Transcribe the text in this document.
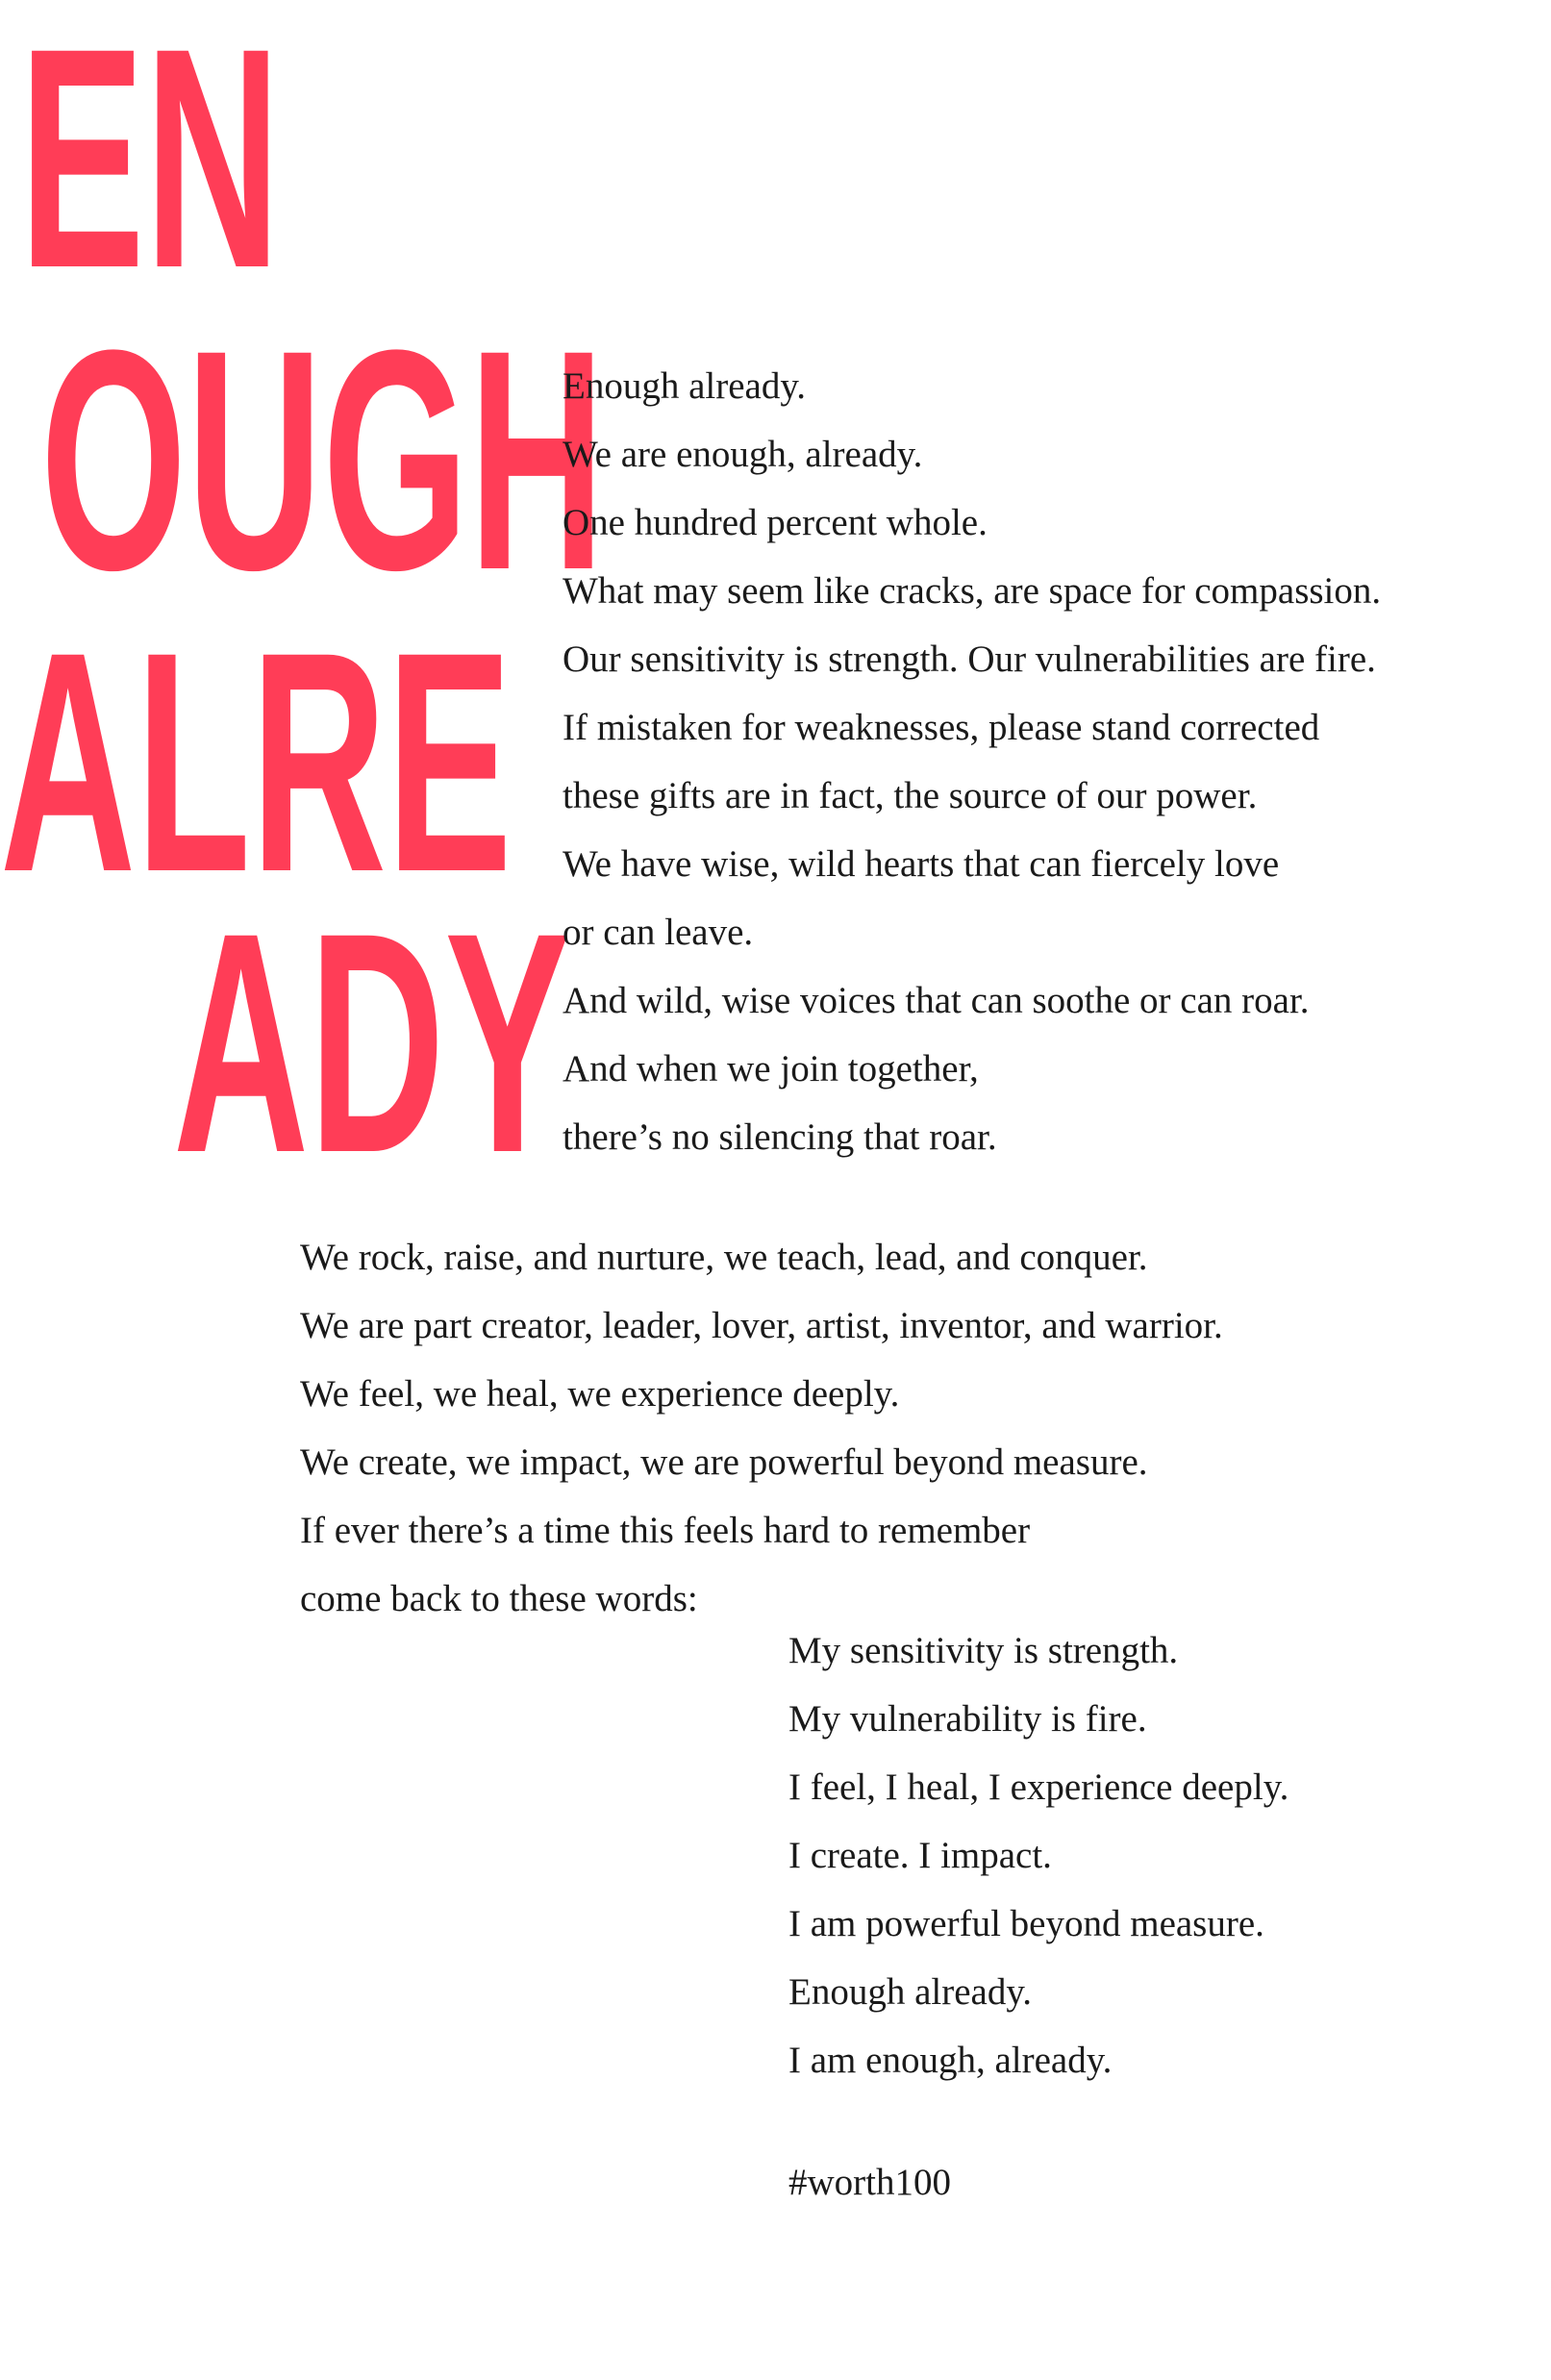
EN
OUGH
ALRE
ADY
Enough already.
We are enough, already.
One hundred percent whole.
What may seem like cracks, are space for compassion.
Our sensitivity is strength. Our vulnerabilities are fire.
If mistaken for weaknesses, please stand corrected
these gifts are in fact, the source of our power.
We have wise, wild hearts that can fiercely love
or can leave.
And wild, wise voices that can soothe or can roar.
And when we join together,
there’s no silencing that roar.
We rock, raise, and nurture, we teach, lead, and conquer.
We are part creator, leader, lover, artist, inventor, and warrior.
We feel, we heal, we experience deeply.
We create, we impact, we are powerful beyond measure.
If ever there’s a time this feels hard to remember
come back to these words:
My sensitivity is strength.
My vulnerability is fire.
I feel, I heal, I experience deeply.
I create. I impact.
I am powerful beyond measure.
Enough already.
I am enough, already.

#worth100
